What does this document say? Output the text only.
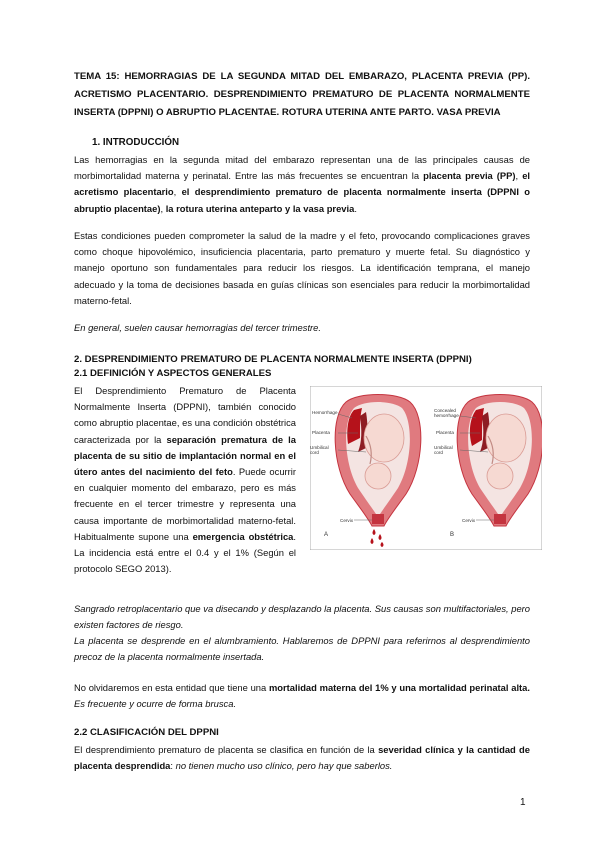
TEMA 15: HEMORRAGIAS DE LA SEGUNDA MITAD DEL EMBARAZO, PLACENTA PREVIA (PP). ACRETISMO PLACENTARIO. DESPRENDIMIENTO PREMATURO DE PLACENTA NORMALMENTE INSERTA (DPPNI) O ABRUPTIO PLACENTAE. ROTURA UTERINA ANTE PARTO. VASA PREVIA
1. INTRODUCCIÓN
Las hemorragias en la segunda mitad del embarazo representan una de las principales causas de morbimortalidad materna y perinatal. Entre las más frecuentes se encuentran la placenta previa (PP), el acretismo placentario, el desprendimiento prematuro de placenta normalmente inserta (DPPNI o abruptio placentae), la rotura uterina anteparto y la vasa previa.
Estas condiciones pueden comprometer la salud de la madre y el feto, provocando complicaciones graves como choque hipovolémico, insuficiencia placentaria, parto prematuro y muerte fetal. Su diagnóstico y manejo oportuno son fundamentales para reducir los riesgos. La identificación temprana, el manejo adecuado y la toma de decisiones basada en guías clínicas son esenciales para reducir la morbimortalidad materno-fetal.
En general, suelen causar hemorragias del tercer trimestre.
2. DESPRENDIMIENTO PREMATURO DE PLACENTA NORMALMENTE INSERTA (DPPNI)
2.1 DEFINICIÓN Y ASPECTOS GENERALES
El Desprendimiento Prematuro de Placenta Normalmente Inserta (DPPNI), también conocido como abruptio placentae, es una condición obstétrica caracterizada por la separación prematura de la placenta de su sitio de implantación normal en el útero antes del nacimiento del feto. Puede ocurrir en cualquier momento del embarazo, pero es más frecuente en el tercer trimestre y representa una causa importante de morbimortalidad materno-fetal. Habitualmente supone una emergencia obstétrica. La incidencia está entre el 0.4 y el 1% (Según el protocolo SEGO 2013).
Hemorrhage
Placenta
Umbilical cord
Cervix
A
Concealed hemorrhage
Placenta
Umbilical cord
Cervix
B
Sangrado retroplacentario que va disecando y desplazando la placenta. Sus causas son multifactoriales, pero existen factores de riesgo.
La placenta se desprende en el alumbramiento. Hablaremos de DPPNI para referirnos al desprendimiento precoz de la placenta normalmente insertada.
No olvidaremos en esta entidad que tiene una mortalidad materna del 1% y una mortalidad perinatal alta. Es frecuente y ocurre de forma brusca.
2.2 CLASIFICACIÓN DEL DPPNI
El desprendimiento prematuro de placenta se clasifica en función de la severidad clínica y la cantidad de placenta desprendida: no tienen mucho uso clínico, pero hay que saberlos.
1
